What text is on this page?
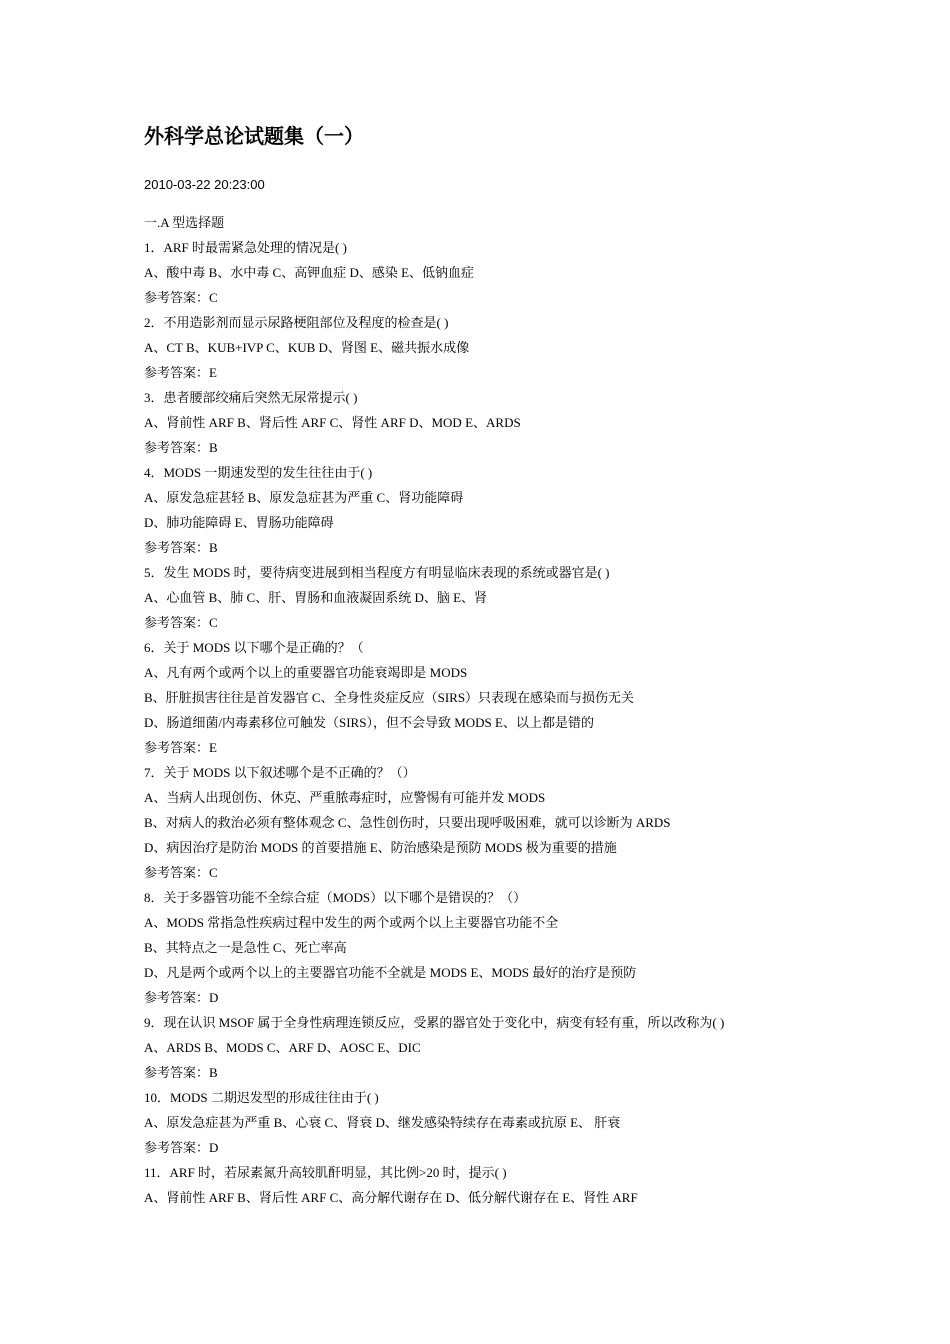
外科学总论试题集（一）
2010-03-22 20:23:00
一.A 型选择题
1．ARF 时最需紧急处理的情况是( )
A、酸中毒 B、水中毒 C、高钾血症 D、感染 E、低钠血症
参考答案：C
2．不用造影剂而显示尿路梗阻部位及程度的检查是( )
A、CT B、KUB+IVP C、KUB D、肾图 E、磁共振水成像
参考答案：E
3．患者腰部绞痛后突然无尿常提示( )
A、肾前性 ARF B、肾后性 ARF C、肾性 ARF D、MOD E、ARDS
参考答案：B
4．MODS 一期速发型的发生往往由于( )
A、原发急症甚轻 B、原发急症甚为严重 C、肾功能障碍
D、肺功能障碍 E、胃肠功能障碍
参考答案：B
5．发生 MODS 时，要待病变进展到相当程度方有明显临床表现的系统或器官是( )
A、心血管 B、肺 C、肝、胃肠和血液凝固系统 D、脑 E、肾
参考答案：C
6．关于 MODS 以下哪个是正确的？（
A、凡有两个或两个以上的重要器官功能衰竭即是 MODS
B、肝脏损害往往是首发器官 C、全身性炎症反应（SIRS）只表现在感染而与损伤无关
D、肠道细菌/内毒素移位可触发（SIRS），但不会导致 MODS E、以上都是错的
参考答案：E
7．关于 MODS 以下叙述哪个是不正确的？（）
A、当病人出现创伤、休克、严重脓毒症时，应警惕有可能并发 MODS
B、对病人的救治必须有整体观念 C、急性创伤时，只要出现呼吸困难，就可以诊断为 ARDS
D、病因治疗是防治 MODS 的首要措施 E、防治感染是预防 MODS 极为重要的措施
参考答案：C
8．关于多器管功能不全综合症（MODS）以下哪个是错误的？（）
A、MODS 常指急性疾病过程中发生的两个或两个以上主要器官功能不全
B、其特点之一是急性 C、死亡率高
D、凡是两个或两个以上的主要器官功能不全就是 MODS E、MODS 最好的治疗是预防
参考答案：D
9．现在认识 MSOF 属于全身性病理连锁反应，受累的器官处于变化中，病变有轻有重，所以改称为( )
A、ARDS B、MODS C、ARF D、AOSC E、DIC
参考答案：B
10．MODS 二期迟发型的形成往往由于( )
A、原发急症甚为严重 B、心衰 C、肾衰 D、继发感染特续存在毒素或抗原 E、 肝衰
参考答案：D
11．ARF 时，若尿素氮升高较肌酐明显，其比例>20 时，提示( )
A、肾前性 ARF B、肾后性 ARF C、高分解代谢存在 D、低分解代谢存在 E、肾性 ARF
